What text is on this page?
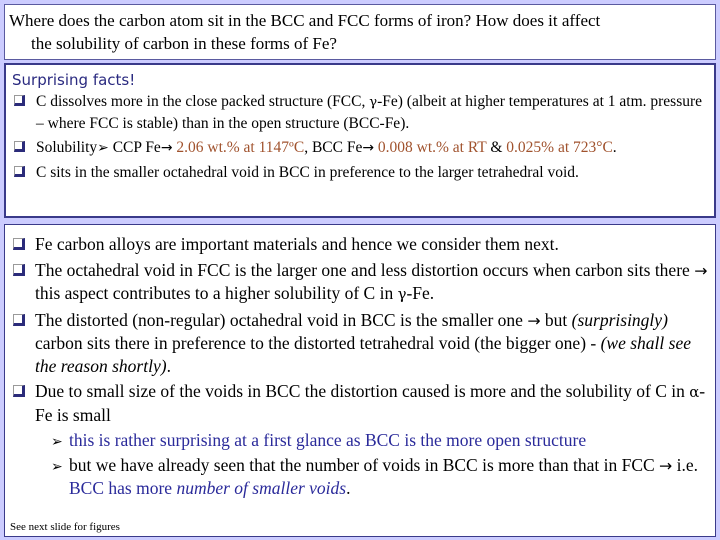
Where does the carbon atom sit in the BCC and FCC forms of iron? How does it affect
the solubility of carbon in these forms of Fe?
Surprising facts!
C dissolves more in the close packed structure (FCC, γ-Fe) (albeit at higher temperatures at 1 atm. pressure – where FCC is stable) than in the open structure (BCC-Fe).
Solubility➢ CCP Fe→ 2.06 wt.% at 1147ºC, BCC Fe→ 0.008 wt.% at RT & 0.025% at 723°C.
C sits in the smaller octahedral void in BCC in preference to the larger tetrahedral void.
Fe carbon alloys are important materials and hence we consider them next.
The octahedral void in FCC is the larger one and less distortion occurs when carbon sits there → this aspect contributes to a higher solubility of C in γ-Fe.
The distorted (non-regular) octahedral void in BCC is the smaller one → but (surprisingly) carbon sits there in preference to the distorted tetrahedral void (the bigger one) - (we shall see the reason shortly).
Due to small size of the voids in BCC the distortion caused is more and the solubility of C in α-Fe is small
➢ this is rather surprising at a first glance as BCC is the more open structure
➢ but we have already seen that the number of voids in BCC is more than that in FCC → i.e. BCC has more number of smaller voids.
See next slide for figures
